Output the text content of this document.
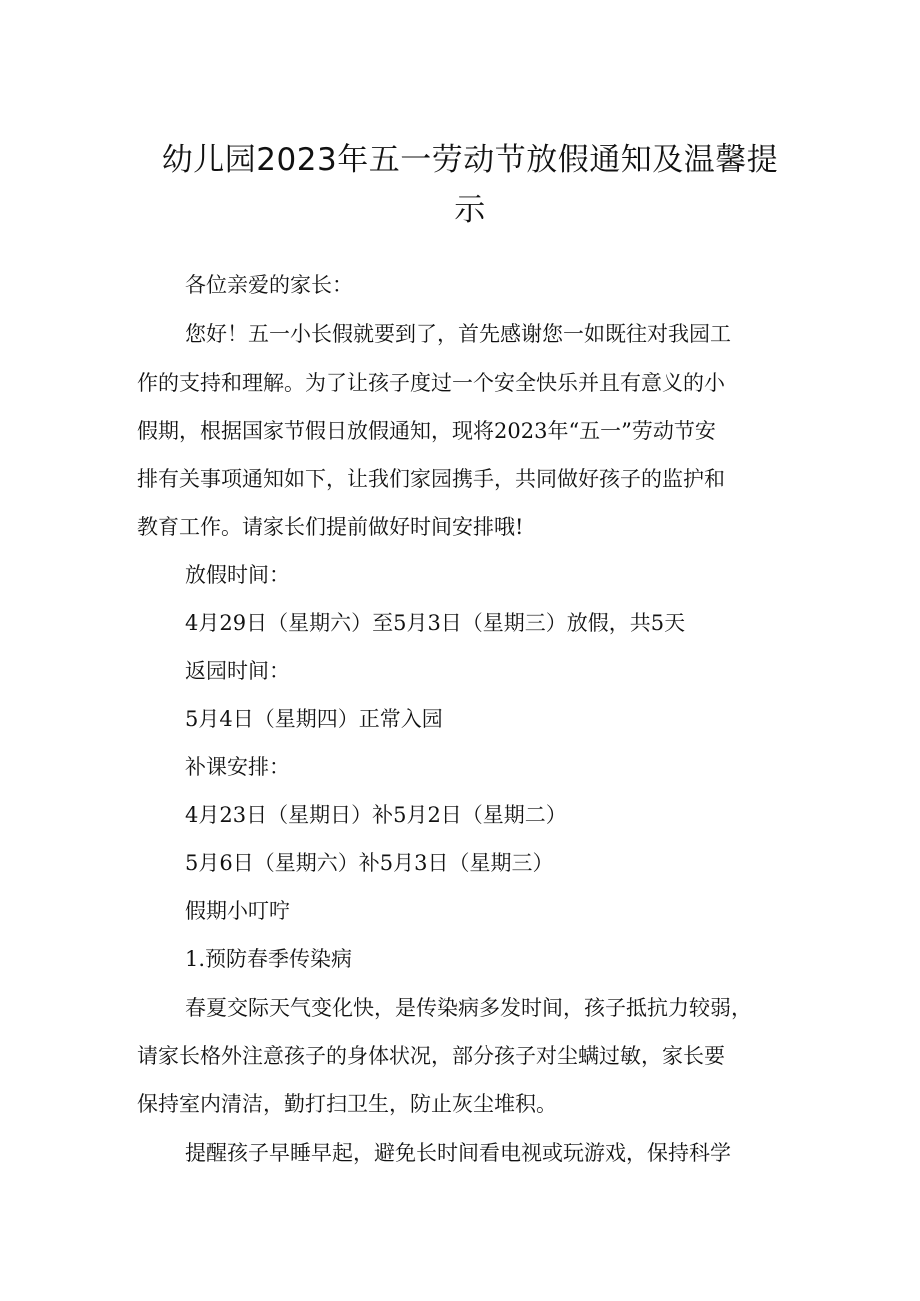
幼儿园2023年五一劳动节放假通知及温馨提
示

各位亲爱的家长：

您好！五一小长假就要到了，首先感谢您一如既往对我园工

作的支持和理解。为了让孩子度过一个安全快乐并且有意义的小

假期，根据国家节假日放假通知，现将2023年“五一”劳动节安

排有关事项通知如下，让我们家园携手，共同做好孩子的监护和

教育工作。请家长们提前做好时间安排哦!

放假时间：

4月29日（星期六）至5月3日（星期三）放假，共5天

返园时间：

5月4日（星期四）正常入园

补课安排：

4月23日（星期日）补5月2日（星期二）

5月6日（星期六）补5月3日（星期三）

假期小叮咛

1.预防春季传染病

春夏交际天气变化快，是传染病多发时间，孩子抵抗力较弱，

请家长格外注意孩子的身体状况，部分孩子对尘螨过敏，家长要

保持室内清洁，勤打扫卫生，防止灰尘堆积。

提醒孩子早睡早起，避免长时间看电视或玩游戏，保持科学
